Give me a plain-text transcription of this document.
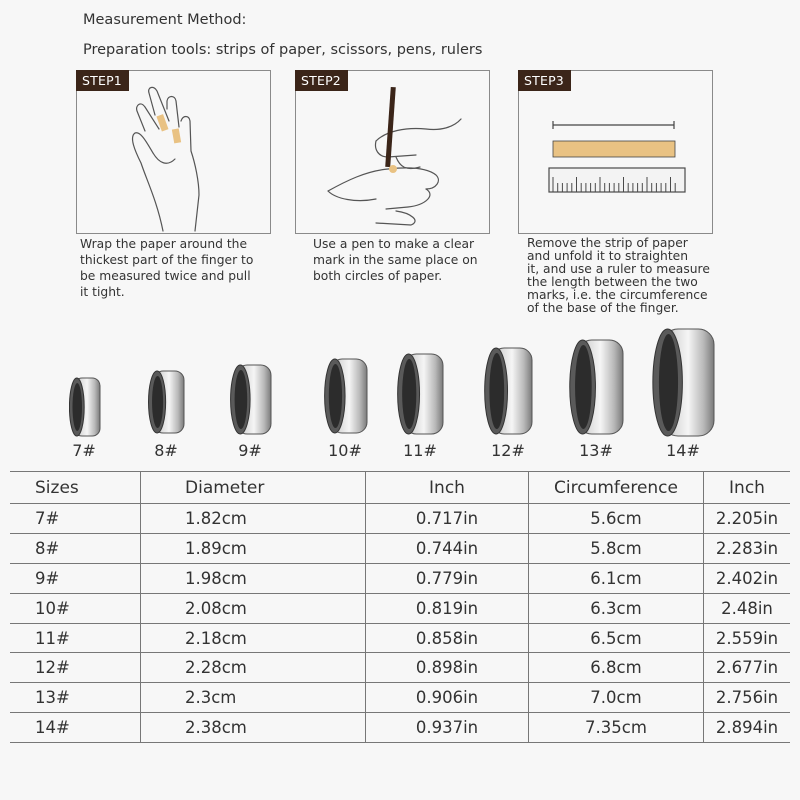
Measurement Method:
Preparation tools: strips of paper, scissors, pens, rulers
Wrap the paper around the
thickest part of the finger to
be measured twice and pull
it tight.
STEP1
Use a pen to make a clear
mark in the same place on
both circles of paper.
STEP2
Remove the strip of paper
and unfold it to straighten
it, and use a ruler to measure
the length between the two
marks, i.e. the circumference
of the base of the finger.
STEP3
7#	8#	9#	10#	11#	12#	13#	14#
Sizes	Diameter	Inch	Circumference	Inch
7#	1.82cm	0.717in	5.6cm	2.205in
8#	1.89cm	0.744in	5.8cm	2.283in
9#	1.98cm	0.779in	6.1cm	2.402in
10#	2.08cm	0.819in	6.3cm	2.48in
11#	2.18cm	0.858in	6.5cm	2.559in
12#	2.28cm	0.898in	6.8cm	2.677in
13#	2.3cm	0.906in	7.0cm	2.756in
14#	2.38cm	0.937in	7.35cm	2.894in
